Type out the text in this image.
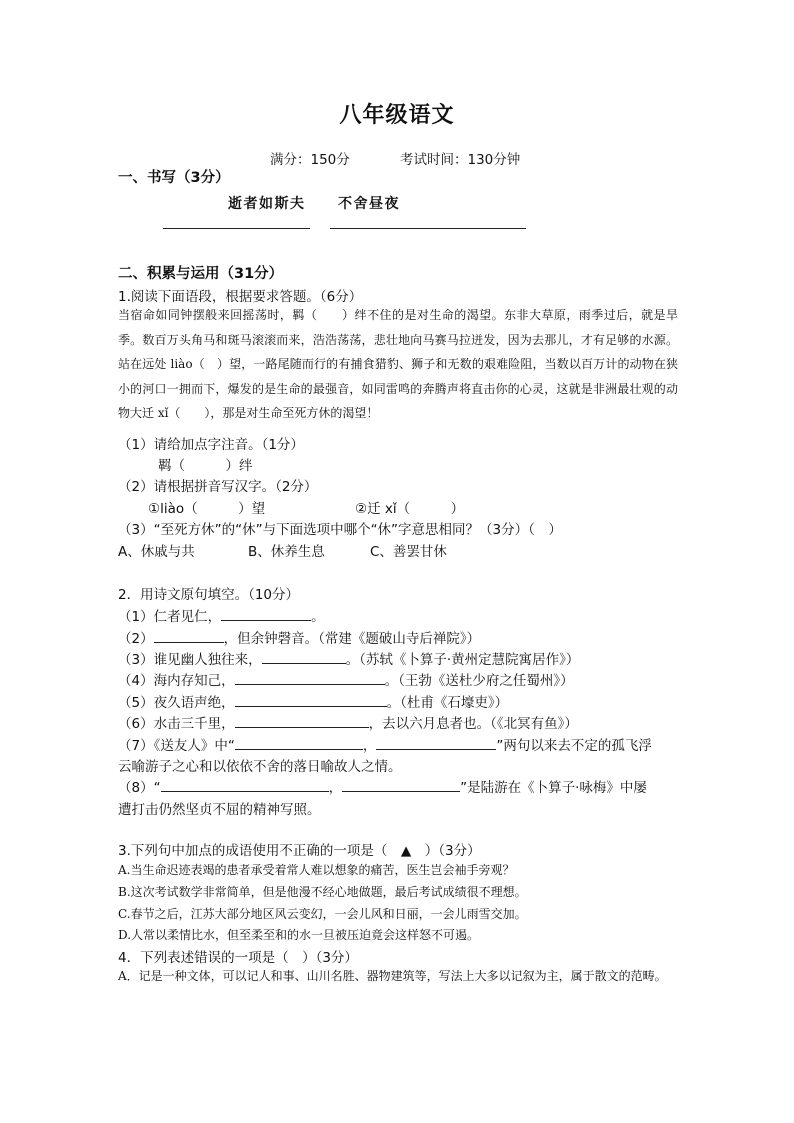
八年级语文
满分：150分	考试时间：130分钟
一、书写（3分）
逝者如斯夫 不舍昼夜
二、积累与运用（31分）
1.阅读下面语段，根据要求答题。（6分）
当宿命如同钟摆般来回摇荡时，羁（　　）绊不住的是对生命的渴望。东非大草原，雨季过后，就是旱季。数百万头角马和斑马滚滚而来，浩浩荡荡，悲壮地向马赛马拉迸发，因为去那儿，才有足够的水源。站在远处 liào（　）望，一路尾随而行的有捕食猎豹、狮子和无数的艰难险阻，当数以百万计的动物在狭小的河口一拥而下，爆发的是生命的最强音，如同雷鸣的奔腾声将直击你的心灵，这就是非洲最壮观的动物大迁 xǐ（　　），那是对生命至死方休的渴望！
（1）请给加点字注音。（1分）
羁（　　　）绊
（2）请根据拼音写汉字。（2分）
①liào（　　　）望	②迁 xǐ（　　　）
（3）“至死方休”的“休”与下面选项中哪个“休”字意思相同？（3分）（　）
A、休戚与共	B、休养生息	C、善罢甘休
2．用诗文原句填空。（10分）
（1）仁者见仁，	。
（2）	，但余钟磬音。（常建《题破山寺后禅院》）
（3）谁见幽人独往来，	。（苏轼《卜算子·黄州定慧院寓居作》）
（4）海内存知己，	。（王勃《送杜少府之任蜀州》）
（5）夜久语声绝，	。（杜甫《石壕吏》）
（6）水击三千里，	，去以六月息者也。（《北冥有鱼》）
（7）《送友人》中“	，	”两句以来去不定的孤飞浮
云喻游子之心和以依依不舍的落日喻故人之情。
（8）“	，	”是陆游在《卜算子·咏梅》中屡
遭打击仍然坚贞不屈的精神写照。
3.下列句中加点的成语使用不正确的一项是（　▲　）（3分）
A.当生命迟迹表竭的患者承受着常人难以想象的痛苦，医生岂会袖手旁观？
B.这次考试数学非常简单，但是他漫不经心地做题，最后考试成绩很不理想。
C.春节之后，江苏大部分地区风云变幻，一会儿风和日丽，一会儿雨雪交加。
D.人常以柔情比水，但至柔至和的水一旦被压迫竟会这样怒不可遏。
4．下列表述错误的一项是（　）（3分）
A．记是一种文体，可以记人和事、山川名胜、器物建筑等，写法上大多以记叙为主，属于散文的范畴。
